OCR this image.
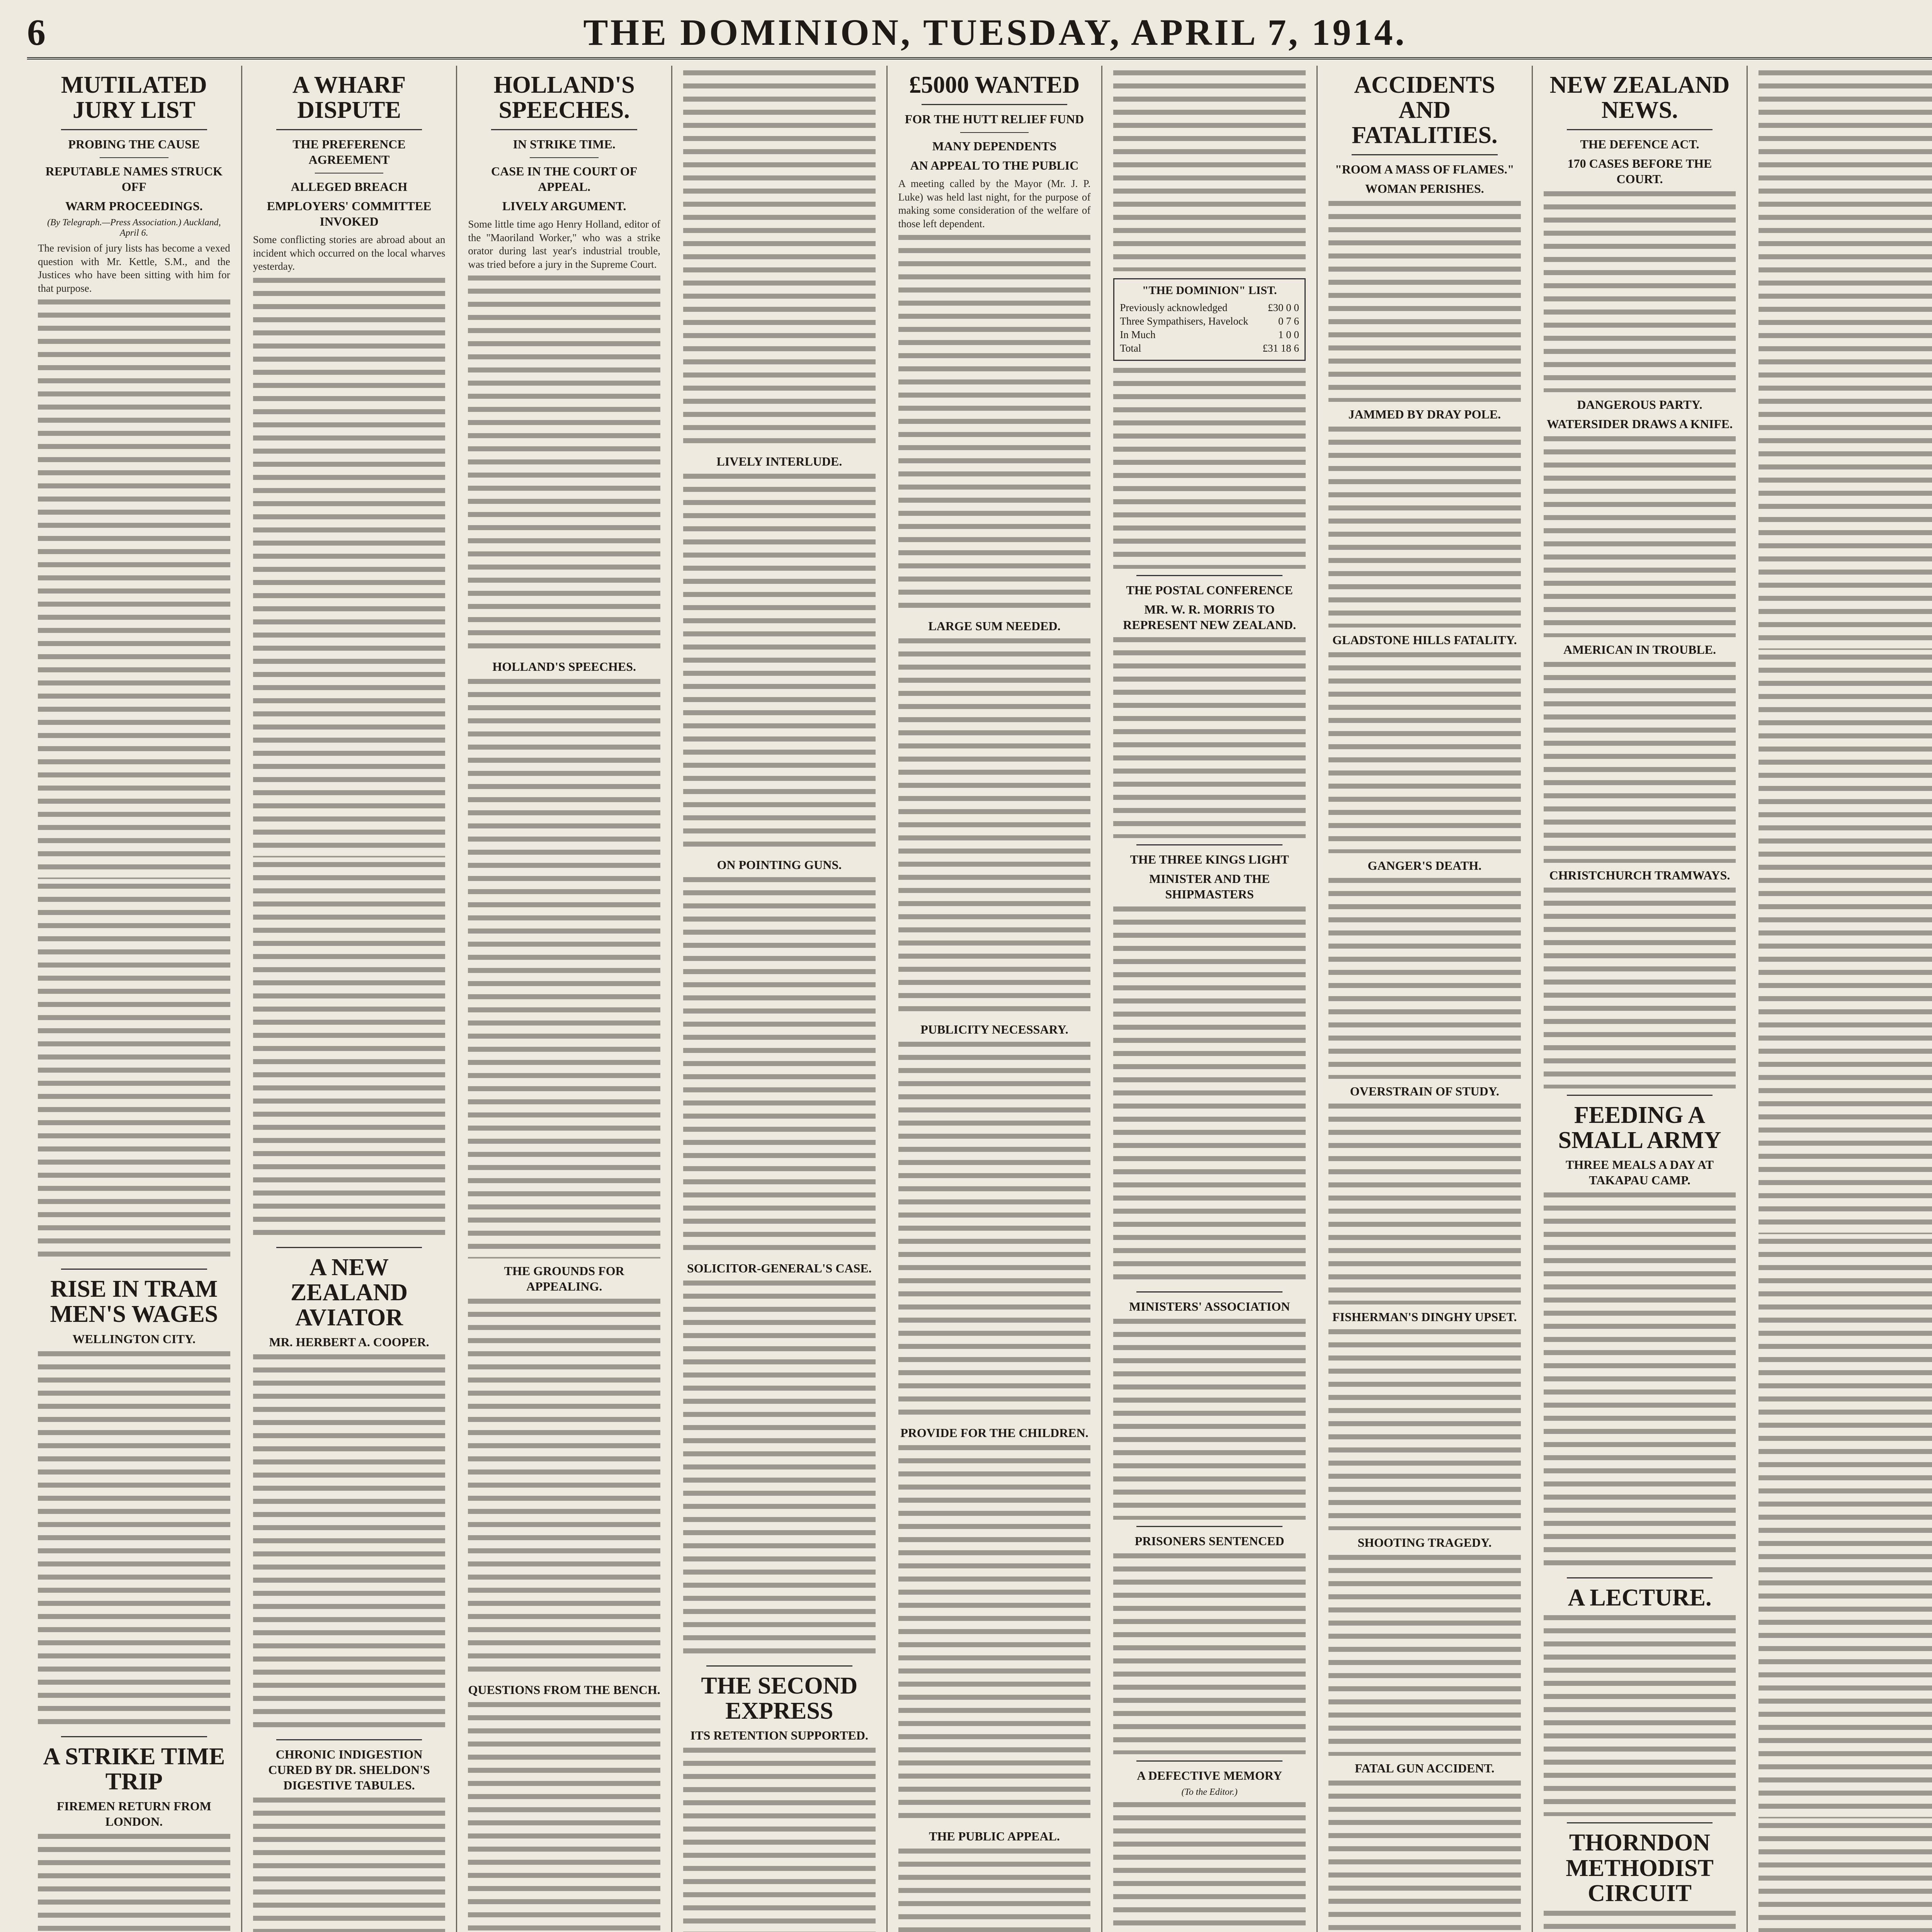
6	THE DOMINION, TUESDAY, APRIL 7, 1914.
MUTILATED JURY LIST
PROBING THE CAUSE
REPUTABLE NAMES STRUCK OFF
WARM PROCEEDINGS.
(By Telegraph.—Press Association.) Auckland, April 6.

The revision of jury lists has become a vexed question with Mr. Kettle, S.M., and the Justices who have been sitting with him for that purpose.

RISE IN TRAM MEN'S WAGES
WELLINGTON CITY.
A STRIKE TIME TRIP
FIREMEN RETURN FROM LONDON.
A WHARF DISPUTE
THE PREFERENCE AGREEMENT
ALLEGED BREACH
EMPLOYERS' COMMITTEE INVOKED

Some conflicting stories are abroad about an incident which occurred on the local wharves yesterday.

A NEW ZEALAND AVIATOR
MR. HERBERT A. COOPER.
CHRONIC INDIGESTION CURED BY DR. SHELDON'S DIGESTIVE TABULES.
HOLLAND'S SPEECHES.
IN STRIKE TIME.
CASE IN THE COURT OF APPEAL.
LIVELY ARGUMENT.

Some little time ago Henry Holland, editor of the "Maoriland Worker," who was a strike orator during last year's industrial trouble, was tried before a jury in the Supreme Court.

HOLLAND'S SPEECHES.
THE GROUNDS FOR APPEALING.
QUESTIONS FROM THE BENCH.
LIVELY INTERLUDE.
ON POINTING GUNS.
SOLICITOR-GENERAL'S CASE.
THE SECOND EXPRESS
ITS RETENTION SUPPORTED.
£5000 WANTED
FOR THE HUTT RELIEF FUND
MANY DEPENDENTS
AN APPEAL TO THE PUBLIC

A meeting called by the Mayor (Mr. J. P. Luke) was held last night, for the purpose of making some consideration of the welfare of those left dependent.

LARGE SUM NEEDED.
PUBLICITY NECESSARY.
PROVIDE FOR THE CHILDREN.
THE PUBLIC APPEAL.
"THE DOMINION" LIST.
Previously acknowledged	£30 0 0
Three Sympathisers, Havelock	0 7 6
In Much	1 0 0
Total	£31 18 6
THE POSTAL CONFERENCE
MR. W. R. MORRIS TO REPRESENT NEW ZEALAND.
THE THREE KINGS LIGHT
MINISTER AND THE SHIPMASTERS
MINISTERS' ASSOCIATION
PRISONERS SENTENCED
A DEFECTIVE MEMORY
(To the Editor.)
ACCIDENTS AND FATALITIES.
"ROOM A MASS OF FLAMES."
WOMAN PERISHES.
JAMMED BY DRAY POLE.
GLADSTONE HILLS FATALITY.
GANGER'S DEATH.
OVERSTRAIN OF STUDY.
FISHERMAN'S DINGHY UPSET.
SHOOTING TRAGEDY.
FATAL GUN ACCIDENT.
NEW ZEALAND NEWS.
THE DEFENCE ACT.
170 CASES BEFORE THE COURT.
DANGEROUS PARTY.
WATERSIDER DRAWS A KNIFE.
AMERICAN IN TROUBLE.
CHRISTCHURCH TRAMWAYS.
FEEDING A SMALL ARMY
THREE MEALS A DAY AT TAKAPAU CAMP.
A LECTURE.
THORNDON METHODIST CIRCUIT
